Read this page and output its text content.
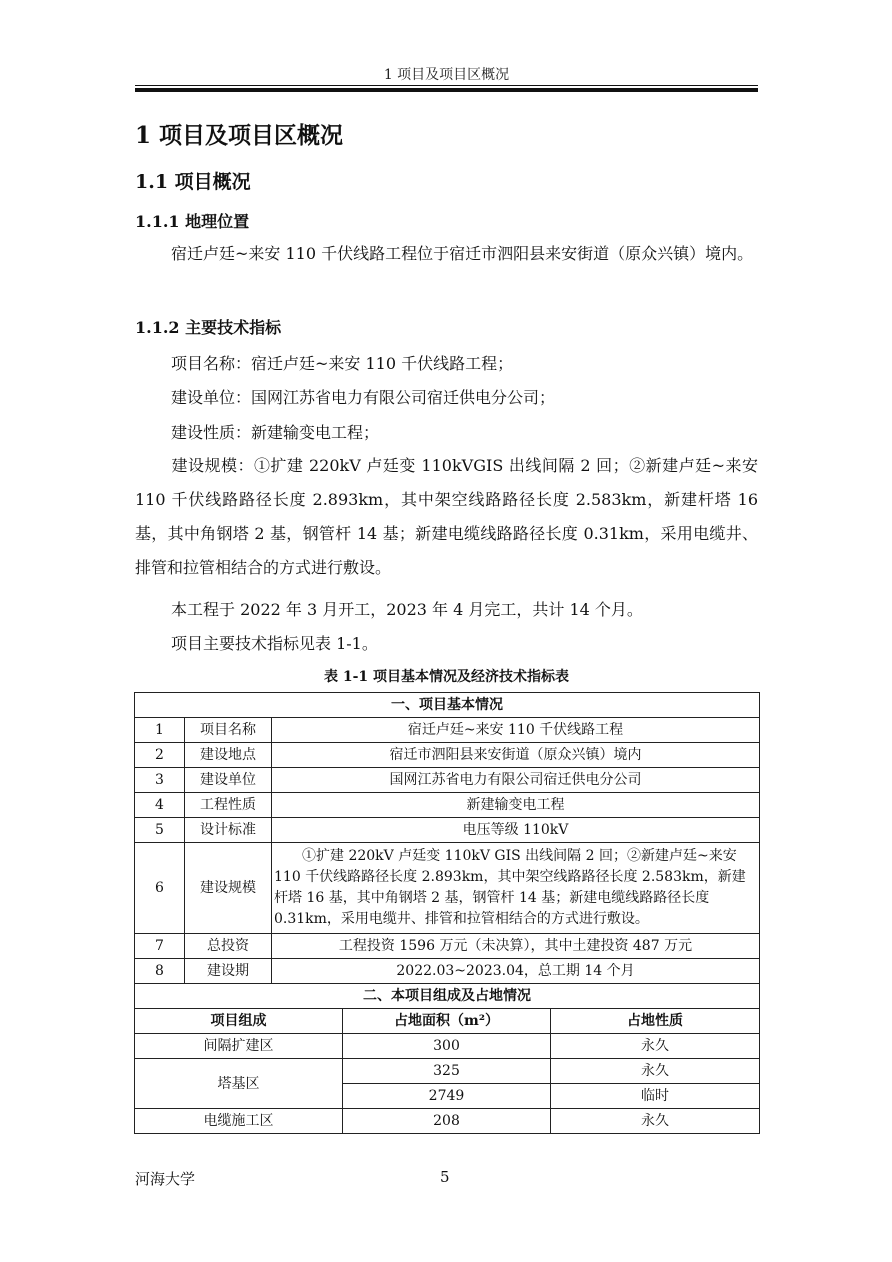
1 项目及项目区概况
1 项目及项目区概况
1.1 项目概况
1.1.1 地理位置
宿迁卢廷~来安 110 千伏线路工程位于宿迁市泗阳县来安街道（原众兴镇）境内。
1.1.2 主要技术指标
项目名称：宿迁卢廷~来安 110 千伏线路工程；
建设单位：国网江苏省电力有限公司宿迁供电分公司；
建设性质：新建输变电工程；
建设规模：①扩建 220kV 卢廷变 110kVGIS 出线间隔 2 回；②新建卢廷~来安 110 千伏线路路径长度 2.893km，其中架空线路路径长度 2.583km，新建杆塔 16 基，其中角钢塔 2 基，钢管杆 14 基；新建电缆线路路径长度 0.31km，采用电缆井、排管和拉管相结合的方式进行敷设。
本工程于 2022 年 3 月开工，2023 年 4 月完工，共计 14 个月。
项目主要技术指标见表 1-1。
表 1-1 项目基本情况及经济技术指标表
一、项目基本情况				
1	项目名称	宿迁卢廷~来安 110 千伏线路工程		
2	建设地点	宿迁市泗阳县来安街道（原众兴镇）境内		
3	建设单位	国网江苏省电力有限公司宿迁供电分公司		
4	工程性质	新建输变电工程		
5	设计标准	电压等级 110kV		
6	建设规模	①扩建 220kV 卢廷变 110kV GIS 出线间隔 2 回；②新建卢廷~来安 110 千伏线路路径长度 2.893km，其中架空线路路径长度 2.583km，新建杆塔 16 基，其中角钢塔 2 基，钢管杆 14 基；新建电缆线路路径长度 0.31km，采用电缆井、排管和拉管相结合的方式进行敷设。		
7	总投资	工程投资 1596 万元（未决算），其中土建投资 487 万元		
8	建设期	2022.03~2023.04，总工期 14 个月		
二、本项目组成及占地情况				
项目组成			占地面积（m²）	占地性质
间隔扩建区			300	永久
塔基区			325	永久
			2749	临时
电缆施工区			208	永久
河海大学	5
